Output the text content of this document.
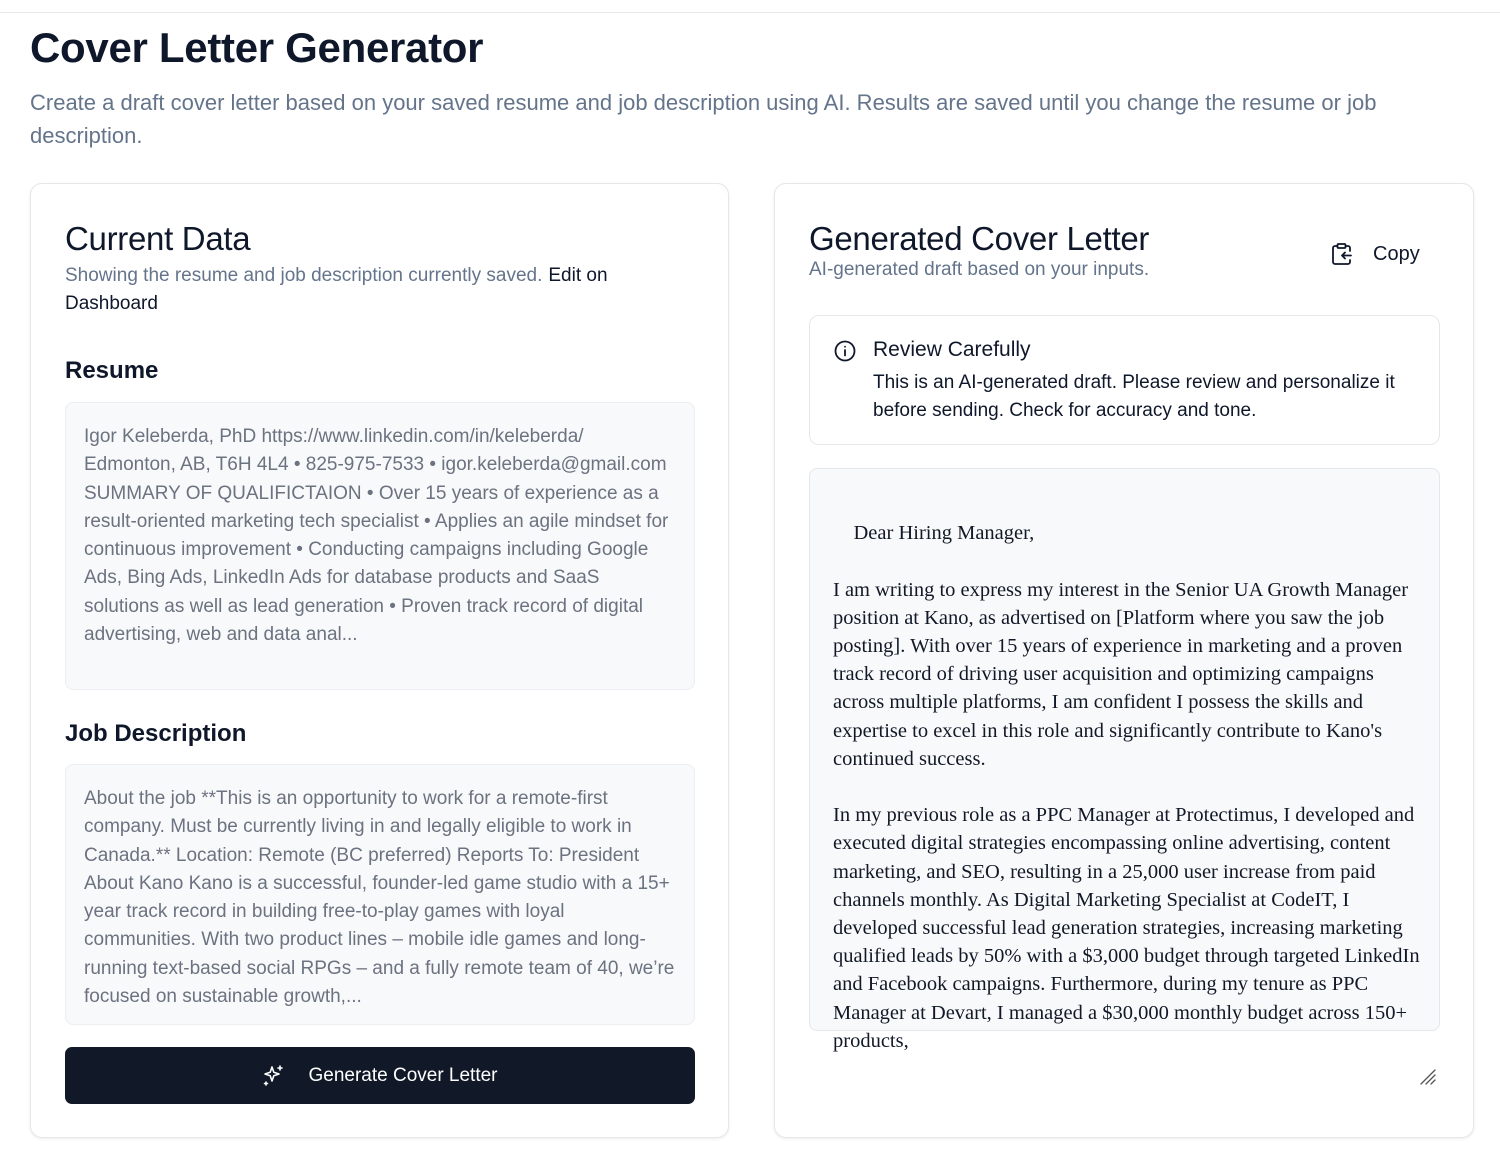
Cover Letter Generator

Create a draft cover letter based on your saved resume and job description using AI. Results are saved until you change the resume or job description.

Current Data

Showing the resume and job description currently saved. Edit on Dashboard

Resume
Igor Keleberda, PhD https://www.linkedin.com/in/keleberda/ Edmonton, AB, T6H 4L4 • 825-975-7533 • igor.keleberda@gmail.com SUMMARY OF QUALIFICTAION • Over 15 years of experience as a result-oriented marketing tech specialist • Applies an agile mindset for continuous improvement • Conducting campaigns including Google Ads, Bing Ads, LinkedIn Ads for database products and SaaS solutions as well as lead generation • Proven track record of digital advertising, web and data anal...
Job Description
About the job **This is an opportunity to work for a remote-first company. Must be currently living in and legally eligible to work in Canada.** Location: Remote (BC preferred) Reports To: President About Kano Kano is a successful, founder-led game studio with a 15+ year track record in building free-to-play games with loyal communities. With two product lines – mobile idle games and long-running text-based social RPGs – and a fully remote team of 40, we’re focused on sustainable growth,...
Generate Cover Letter
Generated Cover Letter

AI-generated draft based on your inputs.

Copy
Review Carefully
This is an AI-generated draft. Please review and personalize it before sending. Check for accuracy and tone.

Dear Hiring Manager,

I am writing to express my interest in the Senior UA Growth Manager position at Kano, as advertised on [Platform where you saw the job posting]. With over 15 years of experience in marketing and a proven track record of driving user acquisition and optimizing campaigns across multiple platforms, I am confident I possess the skills and expertise to excel in this role and significantly contribute to Kano's continued success.

In my previous role as a PPC Manager at Protectimus, I developed and executed digital strategies encompassing online advertising, content marketing, and SEO, resulting in a 25,000 user increase from paid channels monthly. As Digital Marketing Specialist at CodeIT, I developed successful lead generation strategies, increasing marketing qualified leads by 50% with a $3,000 budget through targeted LinkedIn and Facebook campaigns. Furthermore, during my tenure as PPC Manager at Devart, I managed a $30,000 monthly budget across 150+ products,
